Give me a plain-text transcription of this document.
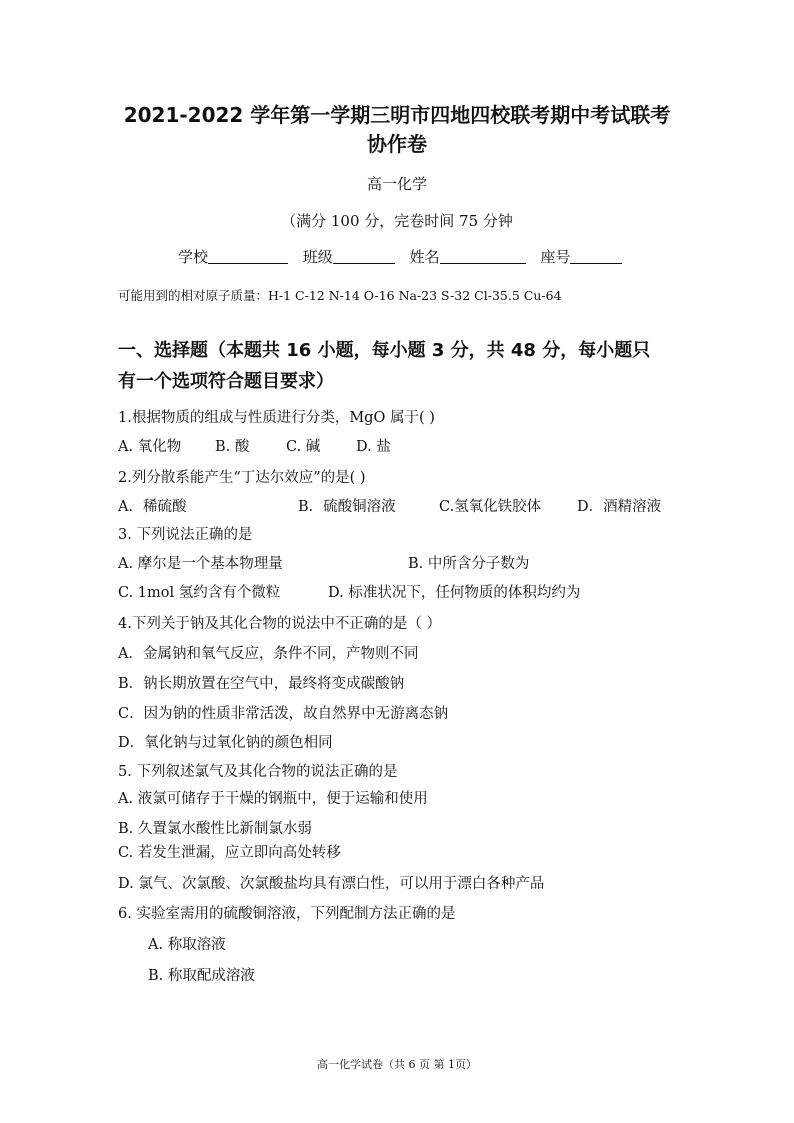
2021-2022 学年第一学期三明市四地四校联考期中考试联考
协作卷

高一化学

（满分 100 分，完卷时间 75 分钟

学校	班级	姓名	座号
可能用到的相对原子质量：H-1 C-12 N-14 O-16 Na-23 S-32 Cl-35.5 Cu-64
一、选择题（本题共 16 小题，每小题 3 分，共 48 分，每小题只
有一个选项符合题目要求）

1.根据物质的组成与性质进行分类，MgO 属于( )

A. 氧化物 B. 酸	C. 碱 D. 盐

2.列分散系能产生“丁达尔效应”的是( )

A．稀硫酸	B．硫酸铜溶液	C.氢氧化铁胶体 D．酒精溶液

3. 下列说法正确的是

A. 摩尔是一个基本物理量	B. 中所含分子数为
C. 1mol 氢约含有个微粒	D. 标准状况下，任何物质的体积均约为

4.下列关于钠及其化合物的说法中不正确的是（ ）

A．金属钠和氧气反应，条件不同，产物则不同

B．钠长期放置在空气中，最终将变成碳酸钠

C．因为钠的性质非常活泼，故自然界中无游离态钠

D．氧化钠与过氧化钠的颜色相同

5. 下列叙述氯气及其化合物的说法正确的是

A. 液氯可储存于干燥的钢瓶中，便于运输和使用

B. 久置氯水酸性比新制氯水弱

C. 若发生泄漏，应立即向高处转移

D. 氯气、次氯酸、次氯酸盐均具有漂白性，可以用于漂白各种产品

6. 实验室需用的硫酸铜溶液，下列配制方法正确的是

A. 称取溶液

B. 称取配成溶液

高一化学试卷（共 6 页 第 1页）
